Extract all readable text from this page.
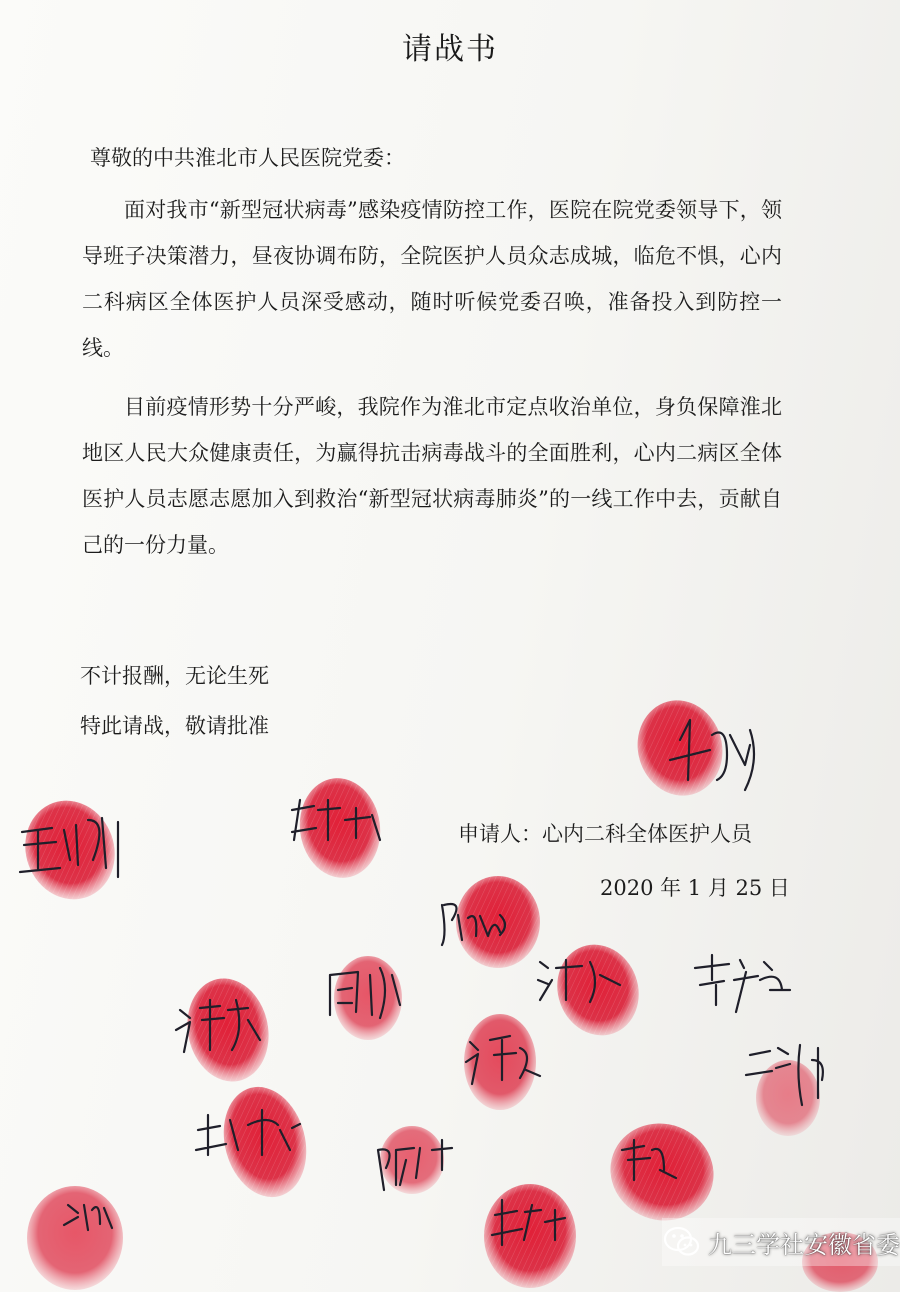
请战书
尊敬的中共淮北市人民医院党委：
面对我市“新型冠状病毒”感染疫情防控工作，医院在院党委领导下，领导班子决策潜力，昼夜协调布防，全院医护人员众志成城，临危不惧，心内二科病区全体医护人员深受感动，随时听候党委召唤，准备投入到防控一线。
目前疫情形势十分严峻，我院作为淮北市定点收治单位，身负保障淮北地区人民大众健康责任，为赢得抗击病毒战斗的全面胜利，心内二病区全体医护人员志愿志愿加入到救治“新型冠状病毒肺炎”的一线工作中去，贡献自己的一份力量。
不计报酬，无论生死
特此请战，敬请批准
申请人：心内二科全体医护人员
2020 年 1 月 25 日
九三学社安徽省委
